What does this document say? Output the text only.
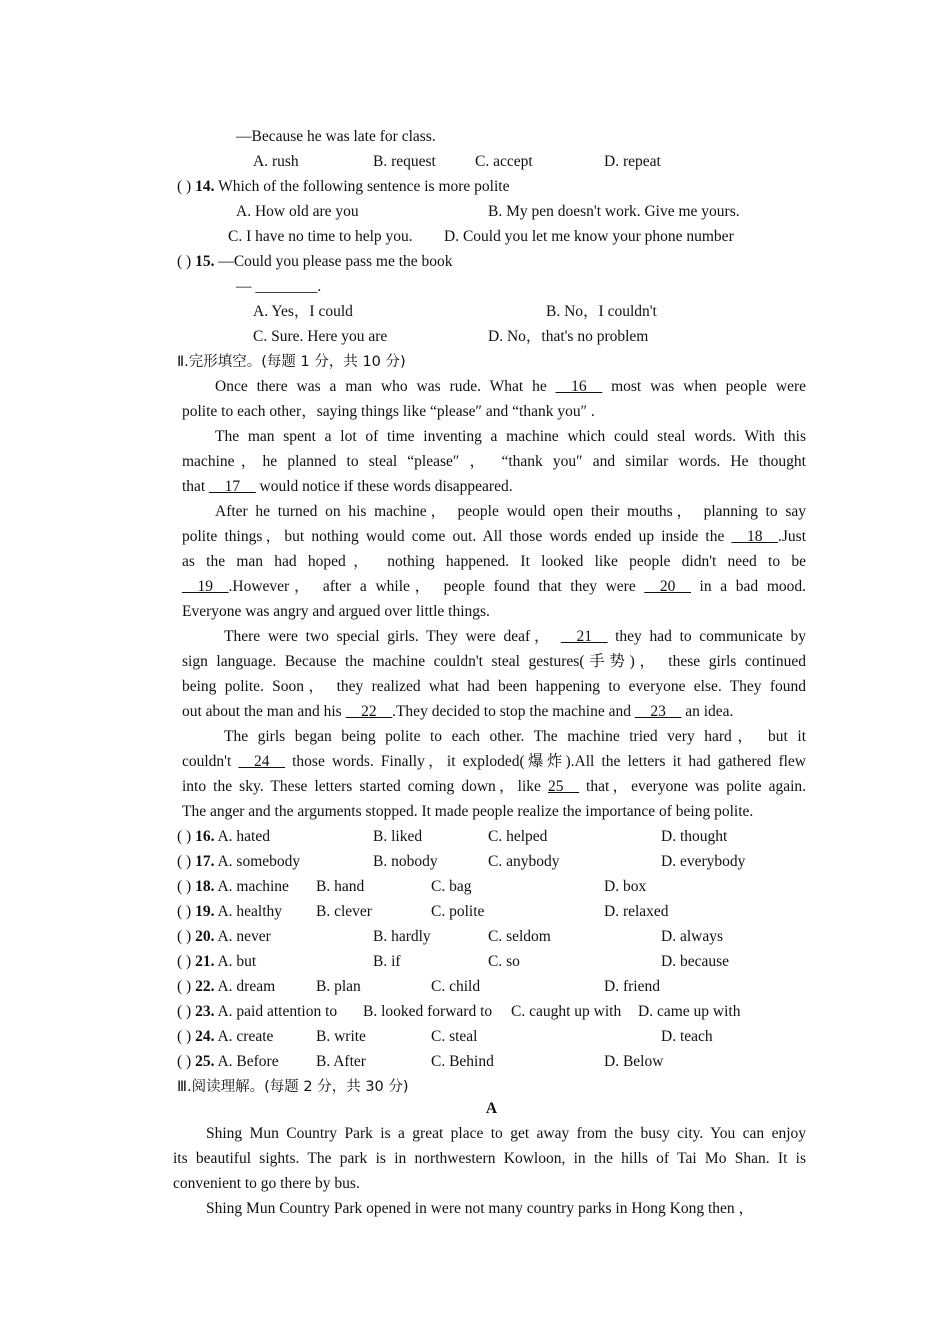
—Because he was late for class.
A. rush	B. request	C. accept	D. repeat
( ) 14. Which of the following sentence is more polite
A. How old are you	B. My pen doesn't work. Give me yours.
C. I have no time to help you. D. Could you let me know your phone number
( ) 15. —Could you please pass me the book
— ________.
A. Yes，I could	B. No，I couldn't
C. Sure. Here you are	D. No，that's no problem
Ⅱ.完形填空。(每题 1 分，共 10 分)
Once there was a man who was rude. What he __16__ most was when people were
polite to each other，saying things like “please″ and “thank you″ .
The man spent a lot of time inventing a machine which could steal words. With this
machine，he planned to steal “please″ ， “thank you″ and similar words. He thought
that __17__ would notice if these words disappeared.
After he turned on his machine， people would open their mouths， planning to say
polite things，but nothing would come out. All those words ended up inside the __18__.Just
as the man had hoped， nothing happened. It looked like people didn't need to be
__19__.However， after a while， people found that they were __20__ in a bad mood.
Everyone was angry and argued over little things.
There were two special girls. They were deaf， __21__ they had to communicate by
sign language. Because the machine couldn't steal gestures(手势)， these girls continued
being polite. Soon， they realized what had been happening to everyone else. They found
out about the man and his __22__.They decided to stop the machine and __23__ an idea.
The girls began being polite to each other. The machine tried very hard， but it
couldn't __24__ those words. Finally，it exploded(爆炸).All the letters it had gathered flew
into the sky. These letters started coming down，like 25__ that，everyone was polite again.
The anger and the arguments stopped. It made people realize the importance of being polite.
( ) 16. A. hated	B. liked	C. helped	D. thought
( ) 17. A. somebody	B. nobody	C. anybody	D. everybody
( ) 18. A. machine B. hand	C. bag	D. box
( ) 19. A. healthy B. clever	C. polite	D. relaxed
( ) 20. A. never	B. hardly	C. seldom	D. always
( ) 21. A. but	B. if	C. so	D. because
( ) 22. A. dream	B. plan	C. child	D. friend
( ) 23. A. paid attention to B. looked forward to C. caught up with D. came up with
( ) 24. A. create	B. write	C. steal	D. teach
( ) 25. A. Before B. After	C. Behind	D. Below
Ⅲ.阅读理解。(每题 2 分，共 30 分)
A
Shing Mun Country Park is a great place to get away from the busy city. You can enjoy
its beautiful sights. The park is in northwestern Kowloon, in the hills of Tai Mo Shan. It is
convenient to go there by bus.
Shing Mun Country Park opened in were not many country parks in Hong Kong then ，
